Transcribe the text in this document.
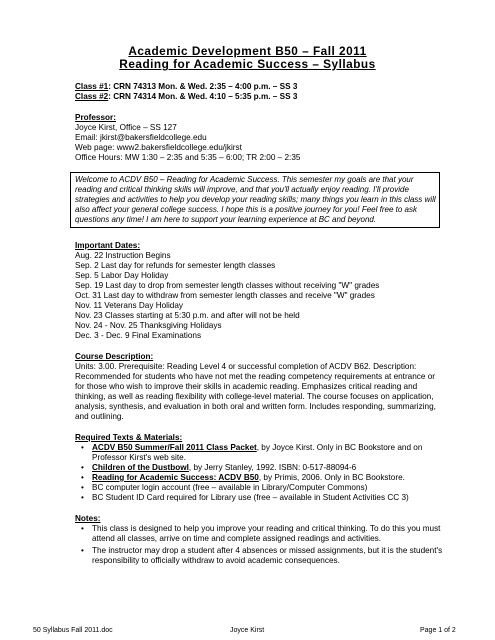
Academic Development B50 – Fall 2011
Reading for Academic Success – Syllabus
Class #1: CRN 74313 Mon. & Wed. 2:35 – 4:00 p.m. – SS 3
Class #2: CRN 74314 Mon. & Wed. 4:10 – 5:35 p.m. – SS 3
Professor:
Joyce Kirst, Office – SS 127
Email: jkirst@bakersfieldcollege.edu
Web page: www2.bakersfieldcollege.edu/jkirst
Office Hours: MW 1:30 – 2:35 and 5:35 – 6:00; TR 2:00 – 2:35
Welcome to ACDV B50 – Reading for Academic Success. This semester my goals are that your
reading and critical thinking skills will improve, and that you'll actually enjoy reading. I'll provide
strategies and activities to help you develop your reading skills; many things you learn in this class will
also affect your general college success. I hope this is a positive journey for you! Feel free to ask
questions any time! I am here to support your learning experience at BC and beyond.
Important Dates:
Aug. 22 Instruction Begins
Sep. 2 Last day for refunds for semester length classes
Sep. 5 Labor Day Holiday
Sep. 19 Last day to drop from semester length classes without receiving "W" grades
Oct. 31 Last day to withdraw from semester length classes and receive "W" grades
Nov. 11 Veterans Day Holiday
Nov. 23 Classes starting at 5:30 p.m. and after will not be held
Nov. 24 - Nov. 25 Thanksgiving Holidays
Dec. 3 - Dec. 9 Final Examinations
Course Description:
Units: 3.00. Prerequisite: Reading Level 4 or successful completion of ACDV B62. Description:
Recommended for students who have not met the reading competency requirements at entrance or
for those who wish to improve their skills in academic reading. Emphasizes critical reading and
thinking, as well as reading flexibility with college-level material. The course focuses on application,
analysis, synthesis, and evaluation in both oral and written form. Includes responding, summarizing,
and outlining.
Required Texts & Materials:
• ACDV B50 Summer/Fall 2011 Class Packet, by Joyce Kirst. Only in BC Bookstore and on
Professor Kirst's web site.
• Children of the Dustbowl, by Jerry Stanley, 1992. ISBN: 0-517-88094-6
• Reading for Academic Success: ACDV B50, by Primis, 2006. Only in BC Bookstore.
• BC computer login account (free – available in Library/Computer Commons)
• BC Student ID Card required for Library use (free – available in Student Activities CC 3)
Notes:
• This class is designed to help you improve your reading and critical thinking. To do this you must
attend all classes, arrive on time and complete assigned readings and activities.
• The instructor may drop a student after 4 absences or missed assignments, but it is the student's
responsibility to officially withdraw to avoid academic consequences.
50 Syllabus Fall 2011.doc	Joyce Kirst	Page 1 of 2
